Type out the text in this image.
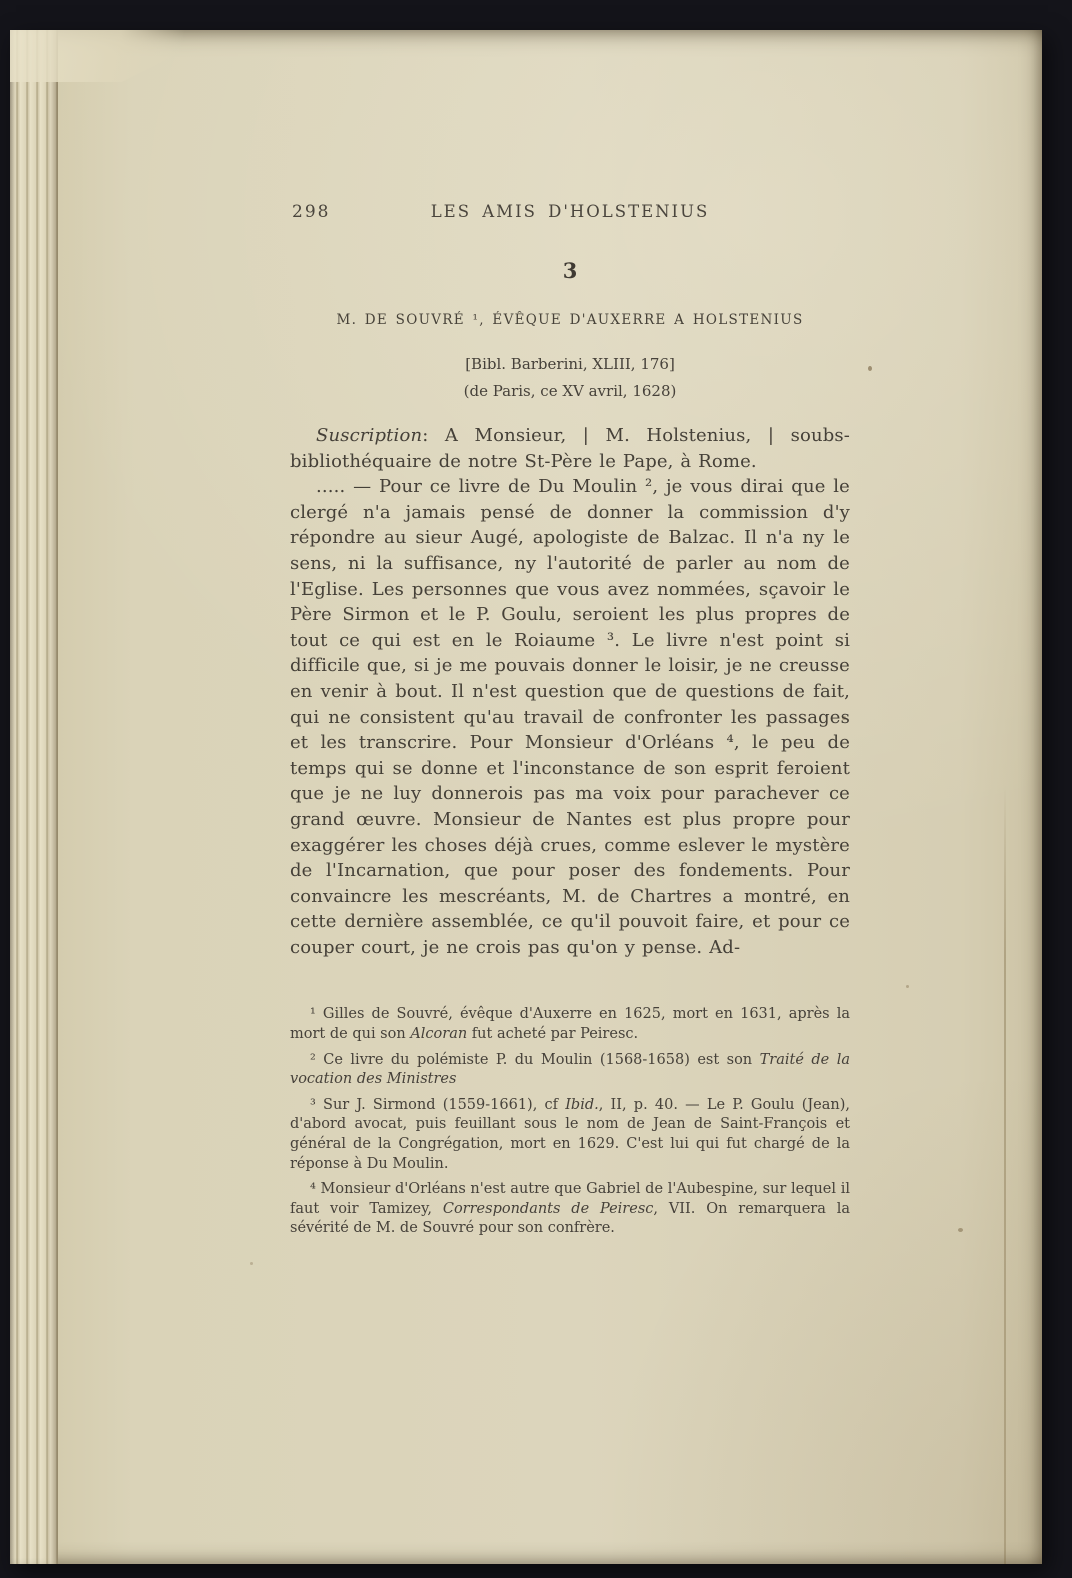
298	LES AMIS D'HOLSTENIUS
3
M. DE SOUVRÉ ¹, ÉVÊQUE D'AUXERRE A HOLSTENIUS
[Bibl. Barberini, XLIII, 176]
(de Paris, ce XV avril, 1628)

Suscription: A Monsieur, | M. Holstenius, | soubs-bibliothéquaire de notre St-Père le Pape, à Rome.

..... — Pour ce livre de Du Moulin ², je vous dirai que le clergé n'a jamais pensé de donner la commission d'y répondre au sieur Augé, apologiste de Balzac. Il n'a ny le sens, ni la suffisance, ny l'autorité de parler au nom de l'Eglise. Les personnes que vous avez nommées, sçavoir le Père Sirmon et le P. Goulu, seroient les plus propres de tout ce qui est en le Roiaume ³. Le livre n'est point si difficile que, si je me pouvais donner le loisir, je ne creusse en venir à bout. Il n'est question que de questions de fait, qui ne consistent qu'au travail de confronter les passages et les transcrire. Pour Monsieur d'Orléans ⁴, le peu de temps qui se donne et l'inconstance de son esprit feroient que je ne luy donnerois pas ma voix pour parachever ce grand œuvre. Monsieur de Nantes est plus propre pour exaggérer les choses déjà crues, comme eslever le mystère de l'Incarnation, que pour poser des fondements. Pour convaincre les mescréants, M. de Chartres a montré, en cette dernière assemblée, ce qu'il pouvoit faire, et pour ce couper court, je ne crois pas qu'on y pense. Ad-

¹ Gilles de Souvré, évêque d'Auxerre en 1625, mort en 1631, après la mort de qui son Alcoran fut acheté par Peiresc.

² Ce livre du polémiste P. du Moulin (1568-1658) est son Traité de la vocation des Ministres

³ Sur J. Sirmond (1559-1661), cf Ibid., II, p. 40. — Le P. Goulu (Jean), d'abord avocat, puis feuillant sous le nom de Jean de Saint-François et général de la Congrégation, mort en 1629. C'est lui qui fut chargé de la réponse à Du Moulin.

⁴ Monsieur d'Orléans n'est autre que Gabriel de l'Aubespine, sur lequel il faut voir Tamizey, Correspondants de Peiresc, VII. On remarquera la sévérité de M. de Souvré pour son confrère.
